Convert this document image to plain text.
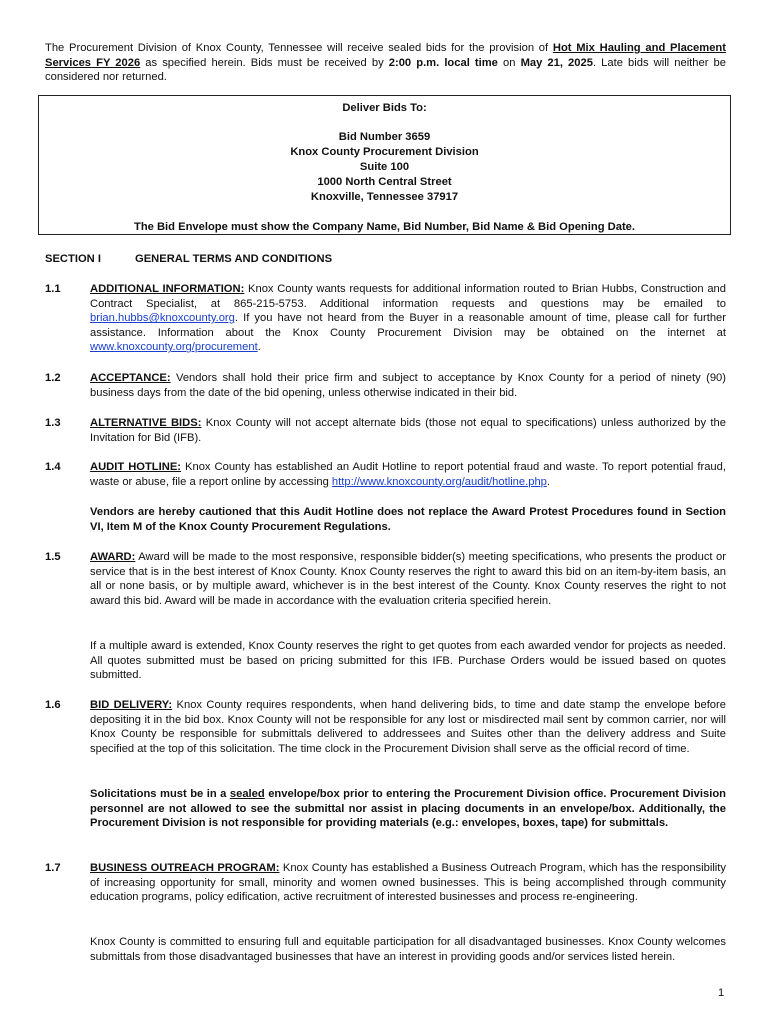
The Procurement Division of Knox County, Tennessee will receive sealed bids for the provision of Hot Mix Hauling and Placement Services FY 2026 as specified herein. Bids must be received by 2:00 p.m. local time on May 21, 2025. Late bids will neither be considered nor returned.
Deliver Bids To:
Bid Number 3659
Knox County Procurement Division
Suite 100
1000 North Central Street
Knoxville, Tennessee 37917
The Bid Envelope must show the Company Name, Bid Number, Bid Name & Bid Opening Date.
SECTION I	GENERAL TERMS AND CONDITIONS
1.1	ADDITIONAL INFORMATION: Knox County wants requests for additional information routed to Brian Hubbs, Construction and Contract Specialist, at 865-215-5753. Additional information requests and questions may be emailed to brian.hubbs@knoxcounty.org. If you have not heard from the Buyer in a reasonable amount of time, please call for further assistance. Information about the Knox County Procurement Division may be obtained on the internet at www.knoxcounty.org/procurement.
1.2	ACCEPTANCE: Vendors shall hold their price firm and subject to acceptance by Knox County for a period of ninety (90) business days from the date of the bid opening, unless otherwise indicated in their bid.
1.3	ALTERNATIVE BIDS: Knox County will not accept alternate bids (those not equal to specifications) unless authorized by the Invitation for Bid (IFB).
1.4	AUDIT HOTLINE: Knox County has established an Audit Hotline to report potential fraud and waste. To report potential fraud, waste or abuse, file a report online by accessing http://www.knoxcounty.org/audit/hotline.php.
Vendors are hereby cautioned that this Audit Hotline does not replace the Award Protest Procedures found in Section VI, Item M of the Knox County Procurement Regulations.
1.5	AWARD: Award will be made to the most responsive, responsible bidder(s) meeting specifications, who presents the product or service that is in the best interest of Knox County. Knox County reserves the right to award this bid on an item-by-item basis, an all or none basis, or by multiple award, whichever is in the best interest of the County. Knox County reserves the right to not award this bid. Award will be made in accordance with the evaluation criteria specified herein.
If a multiple award is extended, Knox County reserves the right to get quotes from each awarded vendor for projects as needed. All quotes submitted must be based on pricing submitted for this IFB. Purchase Orders would be issued based on quotes submitted.
1.6	BID DELIVERY: Knox County requires respondents, when hand delivering bids, to time and date stamp the envelope before depositing it in the bid box. Knox County will not be responsible for any lost or misdirected mail sent by common carrier, nor will Knox County be responsible for submittals delivered to addressees and Suites other than the delivery address and Suite specified at the top of this solicitation. The time clock in the Procurement Division shall serve as the official record of time.
Solicitations must be in a sealed envelope/box prior to entering the Procurement Division office. Procurement Division personnel are not allowed to see the submittal nor assist in placing documents in an envelope/box. Additionally, the Procurement Division is not responsible for providing materials (e.g.: envelopes, boxes, tape) for submittals.
1.7	BUSINESS OUTREACH PROGRAM: Knox County has established a Business Outreach Program, which has the responsibility of increasing opportunity for small, minority and women owned businesses. This is being accomplished through community education programs, policy edification, active recruitment of interested businesses and process re-engineering.
Knox County is committed to ensuring full and equitable participation for all disadvantaged businesses. Knox County welcomes submittals from those disadvantaged businesses that have an interest in providing goods and/or services listed herein.
1
